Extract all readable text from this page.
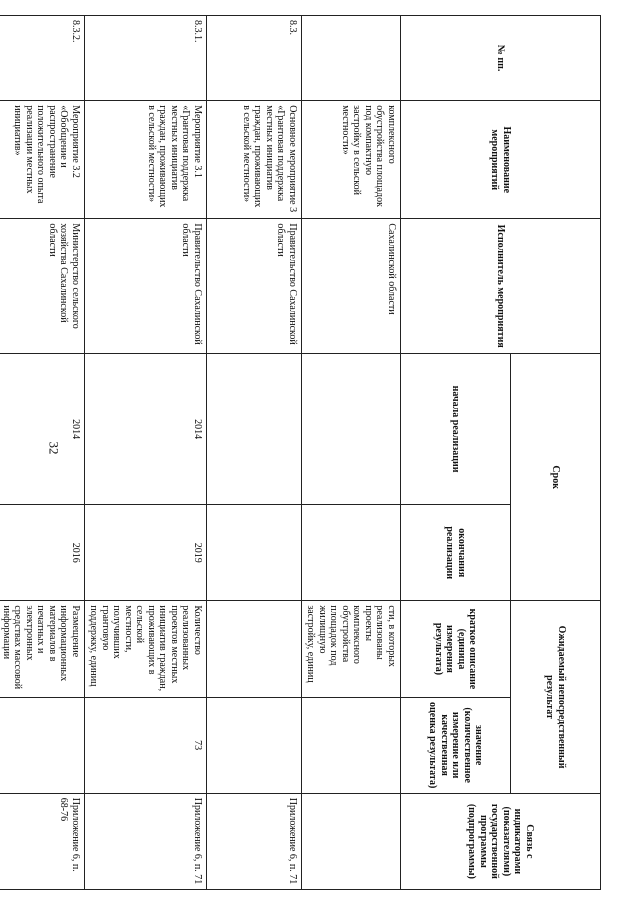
32
№ пп.	Наименование мероприятий	Исполнитель мероприятия	Срок		Ожидаемый непосредственный результат		Связь с индикаторами (показателями) государственной программы (подпрограммы)
			начала реализации	окончания реализации	краткое описание (единица измерения результата)	значение (количественное измерение или качественная оценка результата)	
	комплексного обустройства площадок под компактную застройку в сельской местности»	Сахалинской области			сти, в которых реализованы проекты комплексного обустройства площадок под жилищную застройку, единиц		
8.3.	Основное мероприятие 3 «Грантовая поддержка местных инициатив граждан, проживающих в сельской местности»	Правительство Сахалинской области					Приложение 6, п. 71
8.3.1.	Мероприятие 3.1 «Грантовая поддержка местных инициатив граждан, проживающих в сельской местности»	Правительство Сахалинской области	2014	2019	Количество реализованных проектов местных инициатив граждан, проживающих в сельской местности, получивших грантовую поддержку, единиц	73	Приложение 6, п. 71
8.3.2.	Мероприятие 3.2 «Обобщение и распространение положительного опыта реализации местных инициатив»	Министерство сельского хозяйства Сахалинской области	2014	2016	Размещение информационных материалов в печатных и электронных средствах массовой информации		Приложение 6, п. 68-76
